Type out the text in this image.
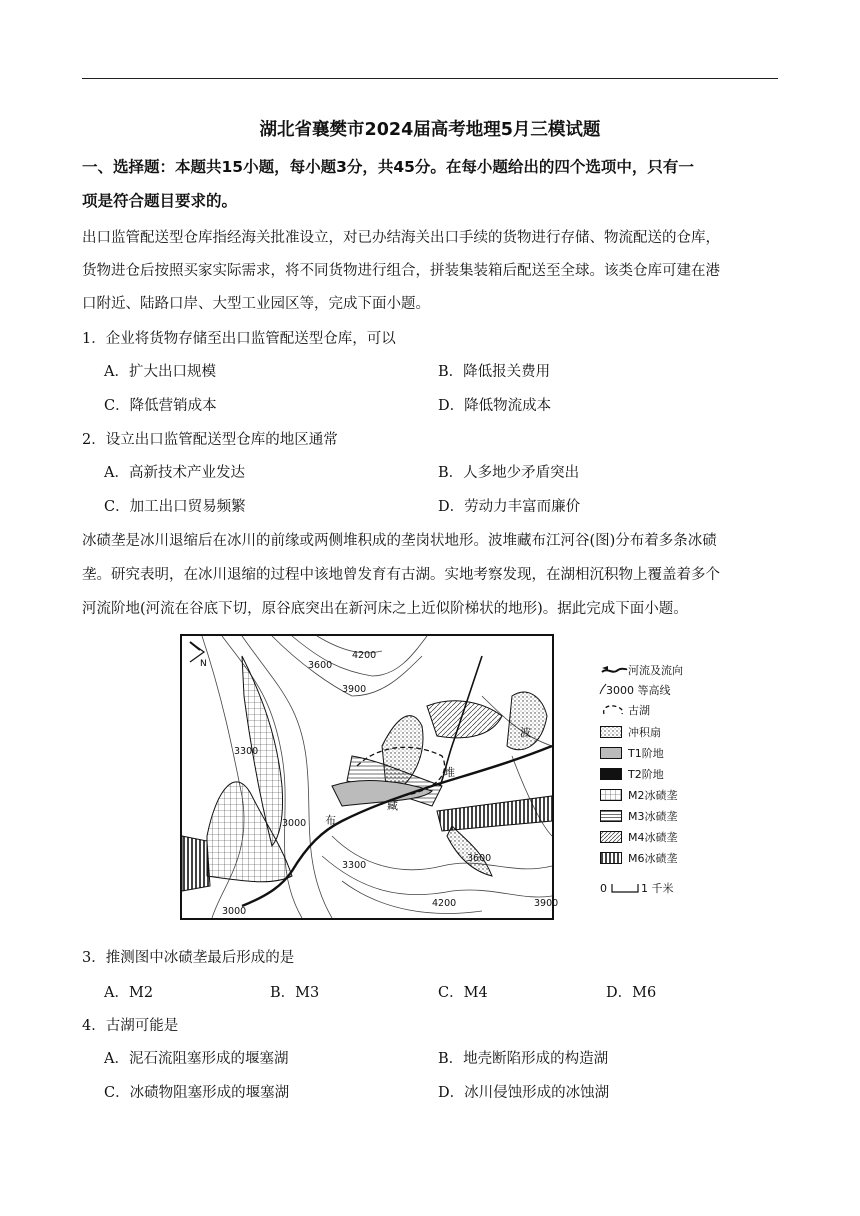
湖北省襄樊市2024届高考地理5月三模试题
一、选择题：本题共15小题，每小题3分，共45分。在每小题给出的四个选项中，只有一
项是符合题目要求的。
出口监管配送型仓库指经海关批准设立，对已办结海关出口手续的货物进行存储、物流配送的仓库，
货物进仓后按照买家实际需求，将不同货物进行组合，拼装集装箱后配送至全球。该类仓库可建在港
口附近、陆路口岸、大型工业园区等，完成下面小题。
1．企业将货物存储至出口监管配送型仓库，可以
A．扩大出口规模	B．降低报关费用
C．降低营销成本	D．降低物流成本
2．设立出口监管配送型仓库的地区通常
A．高新技术产业发达	B．人多地少矛盾突出
C．加工出口贸易频繁	D．劳动力丰富而廉价
冰碛垄是冰川退缩后在冰川的前缘或两侧堆积成的垄岗状地形。波堆藏布江河谷(图)分布着多条冰碛
垄。研究表明，在冰川退缩的过程中该地曾发育有古湖。实地考察发现，在湖相沉积物上覆盖着多个
河流阶地(河流在谷底下切，原谷底突出在新河床之上近似阶梯状的地形)。据此完成下面小题。
N	3600
4200
3900
3300
3000
3300
3600
4200	3900
3000
波
堆
藏
布
河流及流向
3000 等高线
古湖
冲积扇
T1阶地
T2阶地
M2冰碛垄
M3冰碛垄
M4冰碛垄
M6冰碛垄
0	1 千米
3．推测图中冰碛垄最后形成的是
A．M2	B．M3	C．M4	D．M6
4．古湖可能是
A．泥石流阻塞形成的堰塞湖	B．地壳断陷形成的构造湖
C．冰碛物阻塞形成的堰塞湖	D．冰川侵蚀形成的冰蚀湖
